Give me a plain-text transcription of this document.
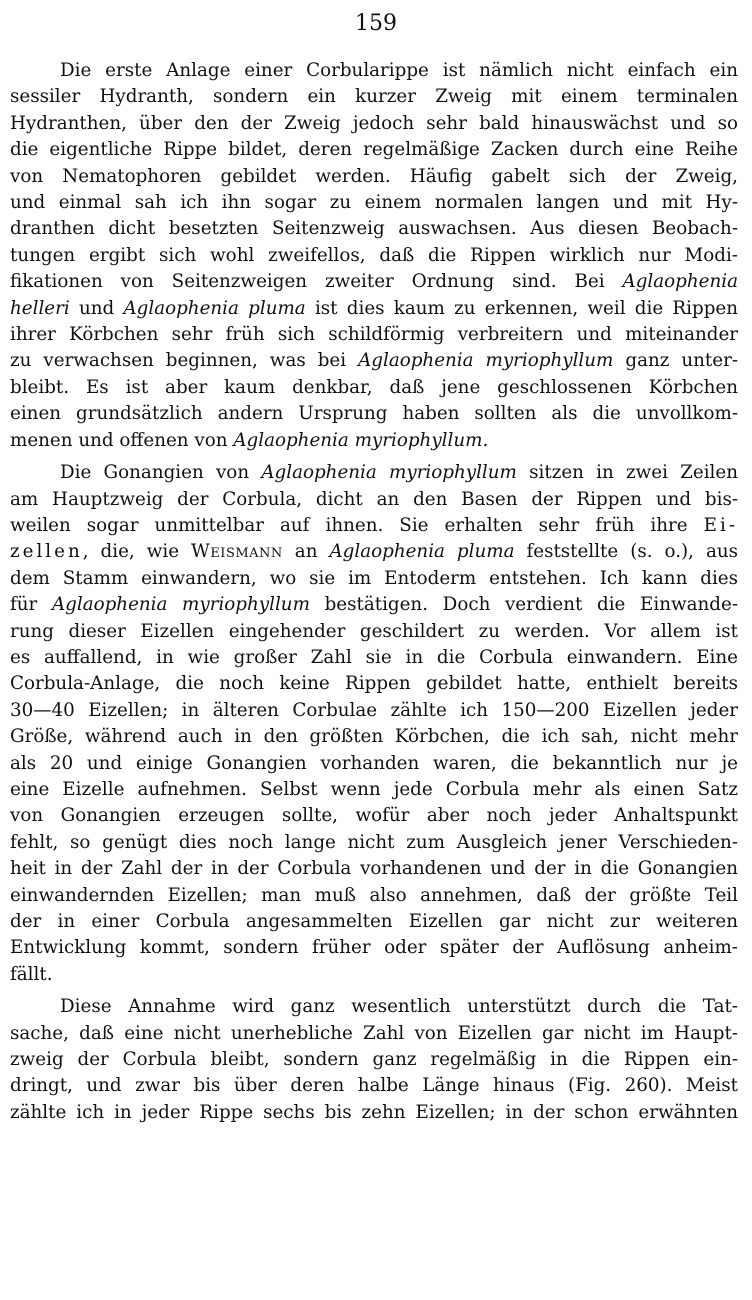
159
Die erste Anlage einer Corbularippe ist nämlich nicht einfach ein
sessiler Hydranth, sondern ein kurzer Zweig mit einem terminalen
Hydranthen, über den der Zweig jedoch sehr bald hinauswächst und so
die eigentliche Rippe bildet, deren regelmäßige Zacken durch eine Reihe
von Nematophoren gebildet werden. Häufig gabelt sich der Zweig,
und einmal sah ich ihn sogar zu einem normalen langen und mit Hy-
dranthen dicht besetzten Seitenzweig auswachsen. Aus diesen Beobach-
tungen ergibt sich wohl zweifellos, daß die Rippen wirklich nur Modi-
fikationen von Seitenzweigen zweiter Ordnung sind. Bei Aglaophenia
helleri und Aglaophenia pluma ist dies kaum zu erkennen, weil die Rippen
ihrer Körbchen sehr früh sich schildförmig verbreitern und miteinander
zu verwachsen beginnen, was bei Aglaophenia myriophyllum ganz unter-
bleibt. Es ist aber kaum denkbar, daß jene geschlossenen Körbchen
einen grundsätzlich andern Ursprung haben sollten als die unvollkom-
menen und offenen von Aglaophenia myriophyllum.
Die Gonangien von Aglaophenia myriophyllum sitzen in zwei Zeilen
am Hauptzweig der Corbula, dicht an den Basen der Rippen und bis-
weilen sogar unmittelbar auf ihnen. Sie erhalten sehr früh ihre Ei-
zellen, die, wie Weismann an Aglaophenia pluma feststellte (s. o.), aus
dem Stamm einwandern, wo sie im Entoderm entstehen. Ich kann dies
für Aglaophenia myriophyllum bestätigen. Doch verdient die Einwande-
rung dieser Eizellen eingehender geschildert zu werden. Vor allem ist
es auffallend, in wie großer Zahl sie in die Corbula einwandern. Eine
Corbula-Anlage, die noch keine Rippen gebildet hatte, enthielt bereits
30—40 Eizellen; in älteren Corbulae zählte ich 150—200 Eizellen jeder
Größe, während auch in den größten Körbchen, die ich sah, nicht mehr
als 20 und einige Gonangien vorhanden waren, die bekanntlich nur je
eine Eizelle aufnehmen. Selbst wenn jede Corbula mehr als einen Satz
von Gonangien erzeugen sollte, wofür aber noch jeder Anhaltspunkt
fehlt, so genügt dies noch lange nicht zum Ausgleich jener Verschieden-
heit in der Zahl der in der Corbula vorhandenen und der in die Gonangien
einwandernden Eizellen; man muß also annehmen, daß der größte Teil
der in einer Corbula angesammelten Eizellen gar nicht zur weiteren
Entwicklung kommt, sondern früher oder später der Auflösung anheim-
fällt.
Diese Annahme wird ganz wesentlich unterstützt durch die Tat-
sache, daß eine nicht unerhebliche Zahl von Eizellen gar nicht im Haupt-
zweig der Corbula bleibt, sondern ganz regelmäßig in die Rippen ein-
dringt, und zwar bis über deren halbe Länge hinaus (Fig. 260). Meist
zählte ich in jeder Rippe sechs bis zehn Eizellen; in der schon erwähnten
